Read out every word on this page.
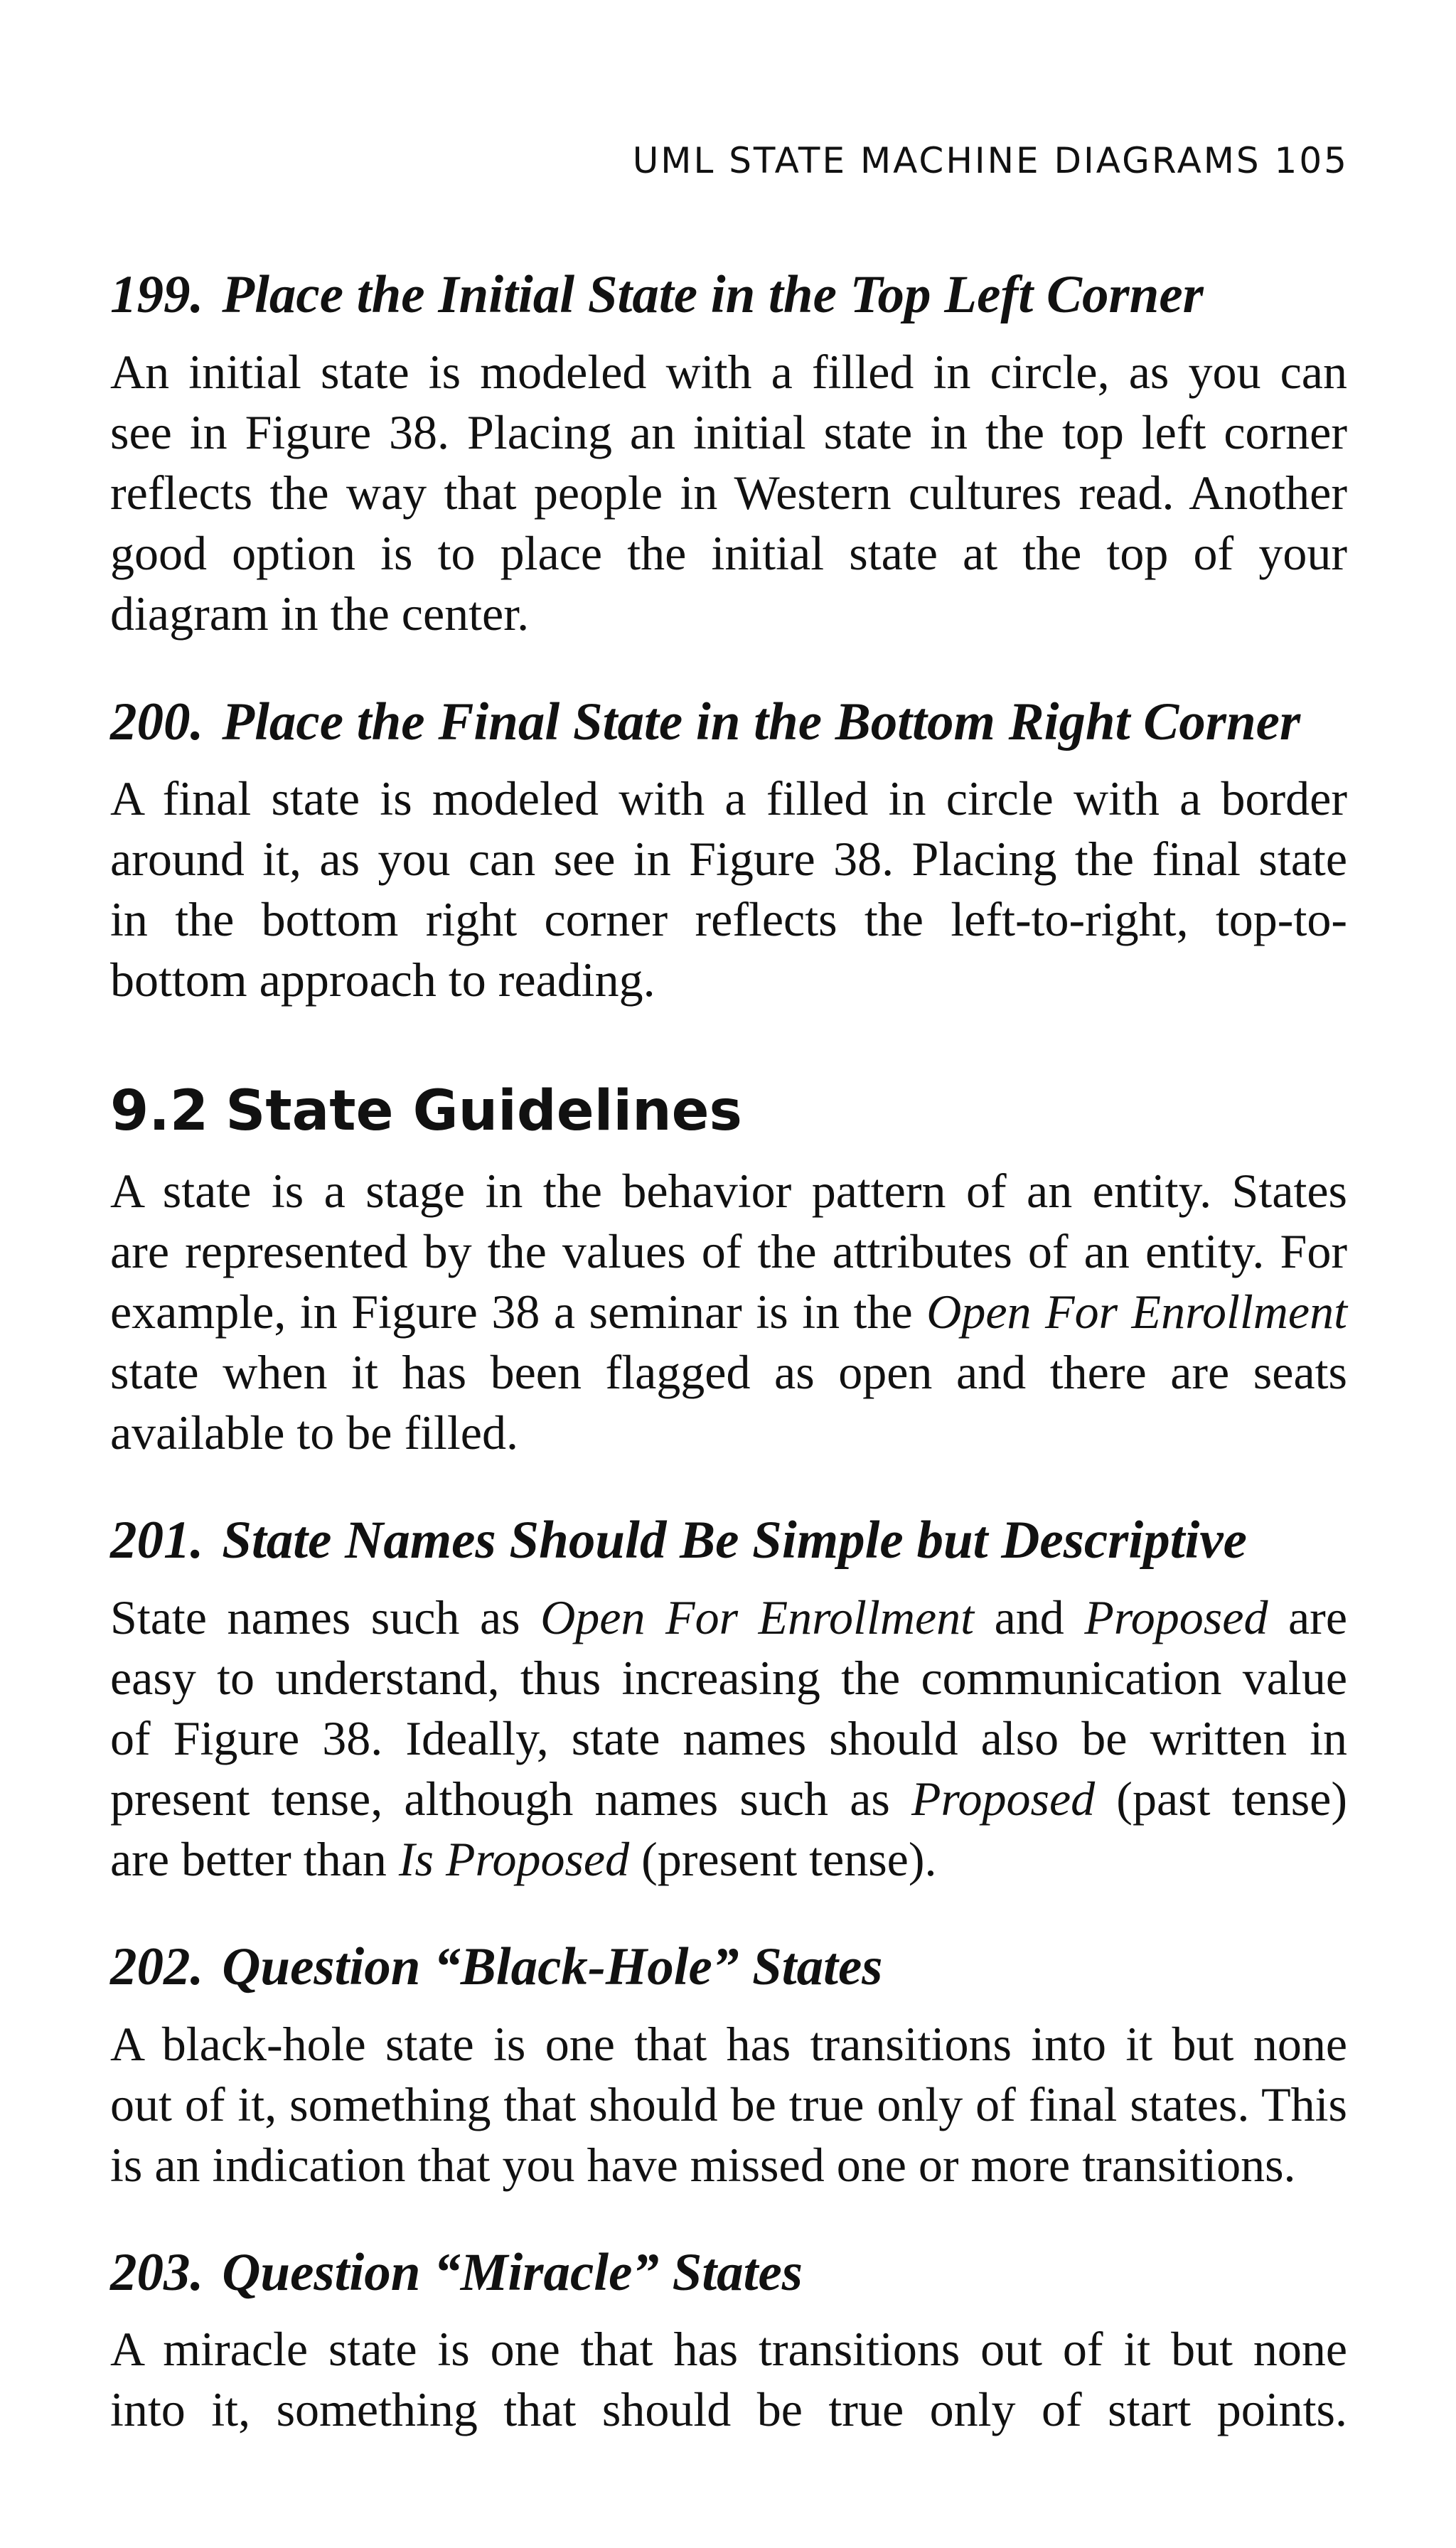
UML STATE MACHINE DIAGRAMS 105
199. Place the Initial State in the Top Left Corner
An initial state is modeled with a filled in circle, as you can
see in Figure 38. Placing an initial state in the top left corner
reflects the way that people in Western cultures read. Another
good option is to place the initial state at the top of your
diagram in the center.
200. Place the Final State in the Bottom Right Corner
A final state is modeled with a filled in circle with a border
around it, as you can see in Figure 38. Placing the final state
in the bottom right corner reflects the left-to-right, top-to-
bottom approach to reading.
9.2 State Guidelines
A state is a stage in the behavior pattern of an entity. States
are represented by the values of the attributes of an entity. For
example, in Figure 38 a seminar is in the Open For Enrollment
state when it has been flagged as open and there are seats
available to be filled.
201. State Names Should Be Simple but Descriptive
State names such as Open For Enrollment and Proposed are
easy to understand, thus increasing the communication value
of Figure 38. Ideally, state names should also be written in
present tense, although names such as Proposed (past tense)
are better than Is Proposed (present tense).
202. Question “Black-Hole” States
A black-hole state is one that has transitions into it but none
out of it, something that should be true only of final states. This
is an indication that you have missed one or more transitions.
203. Question “Miracle” States
A miracle state is one that has transitions out of it but none
into it, something that should be true only of start points.
